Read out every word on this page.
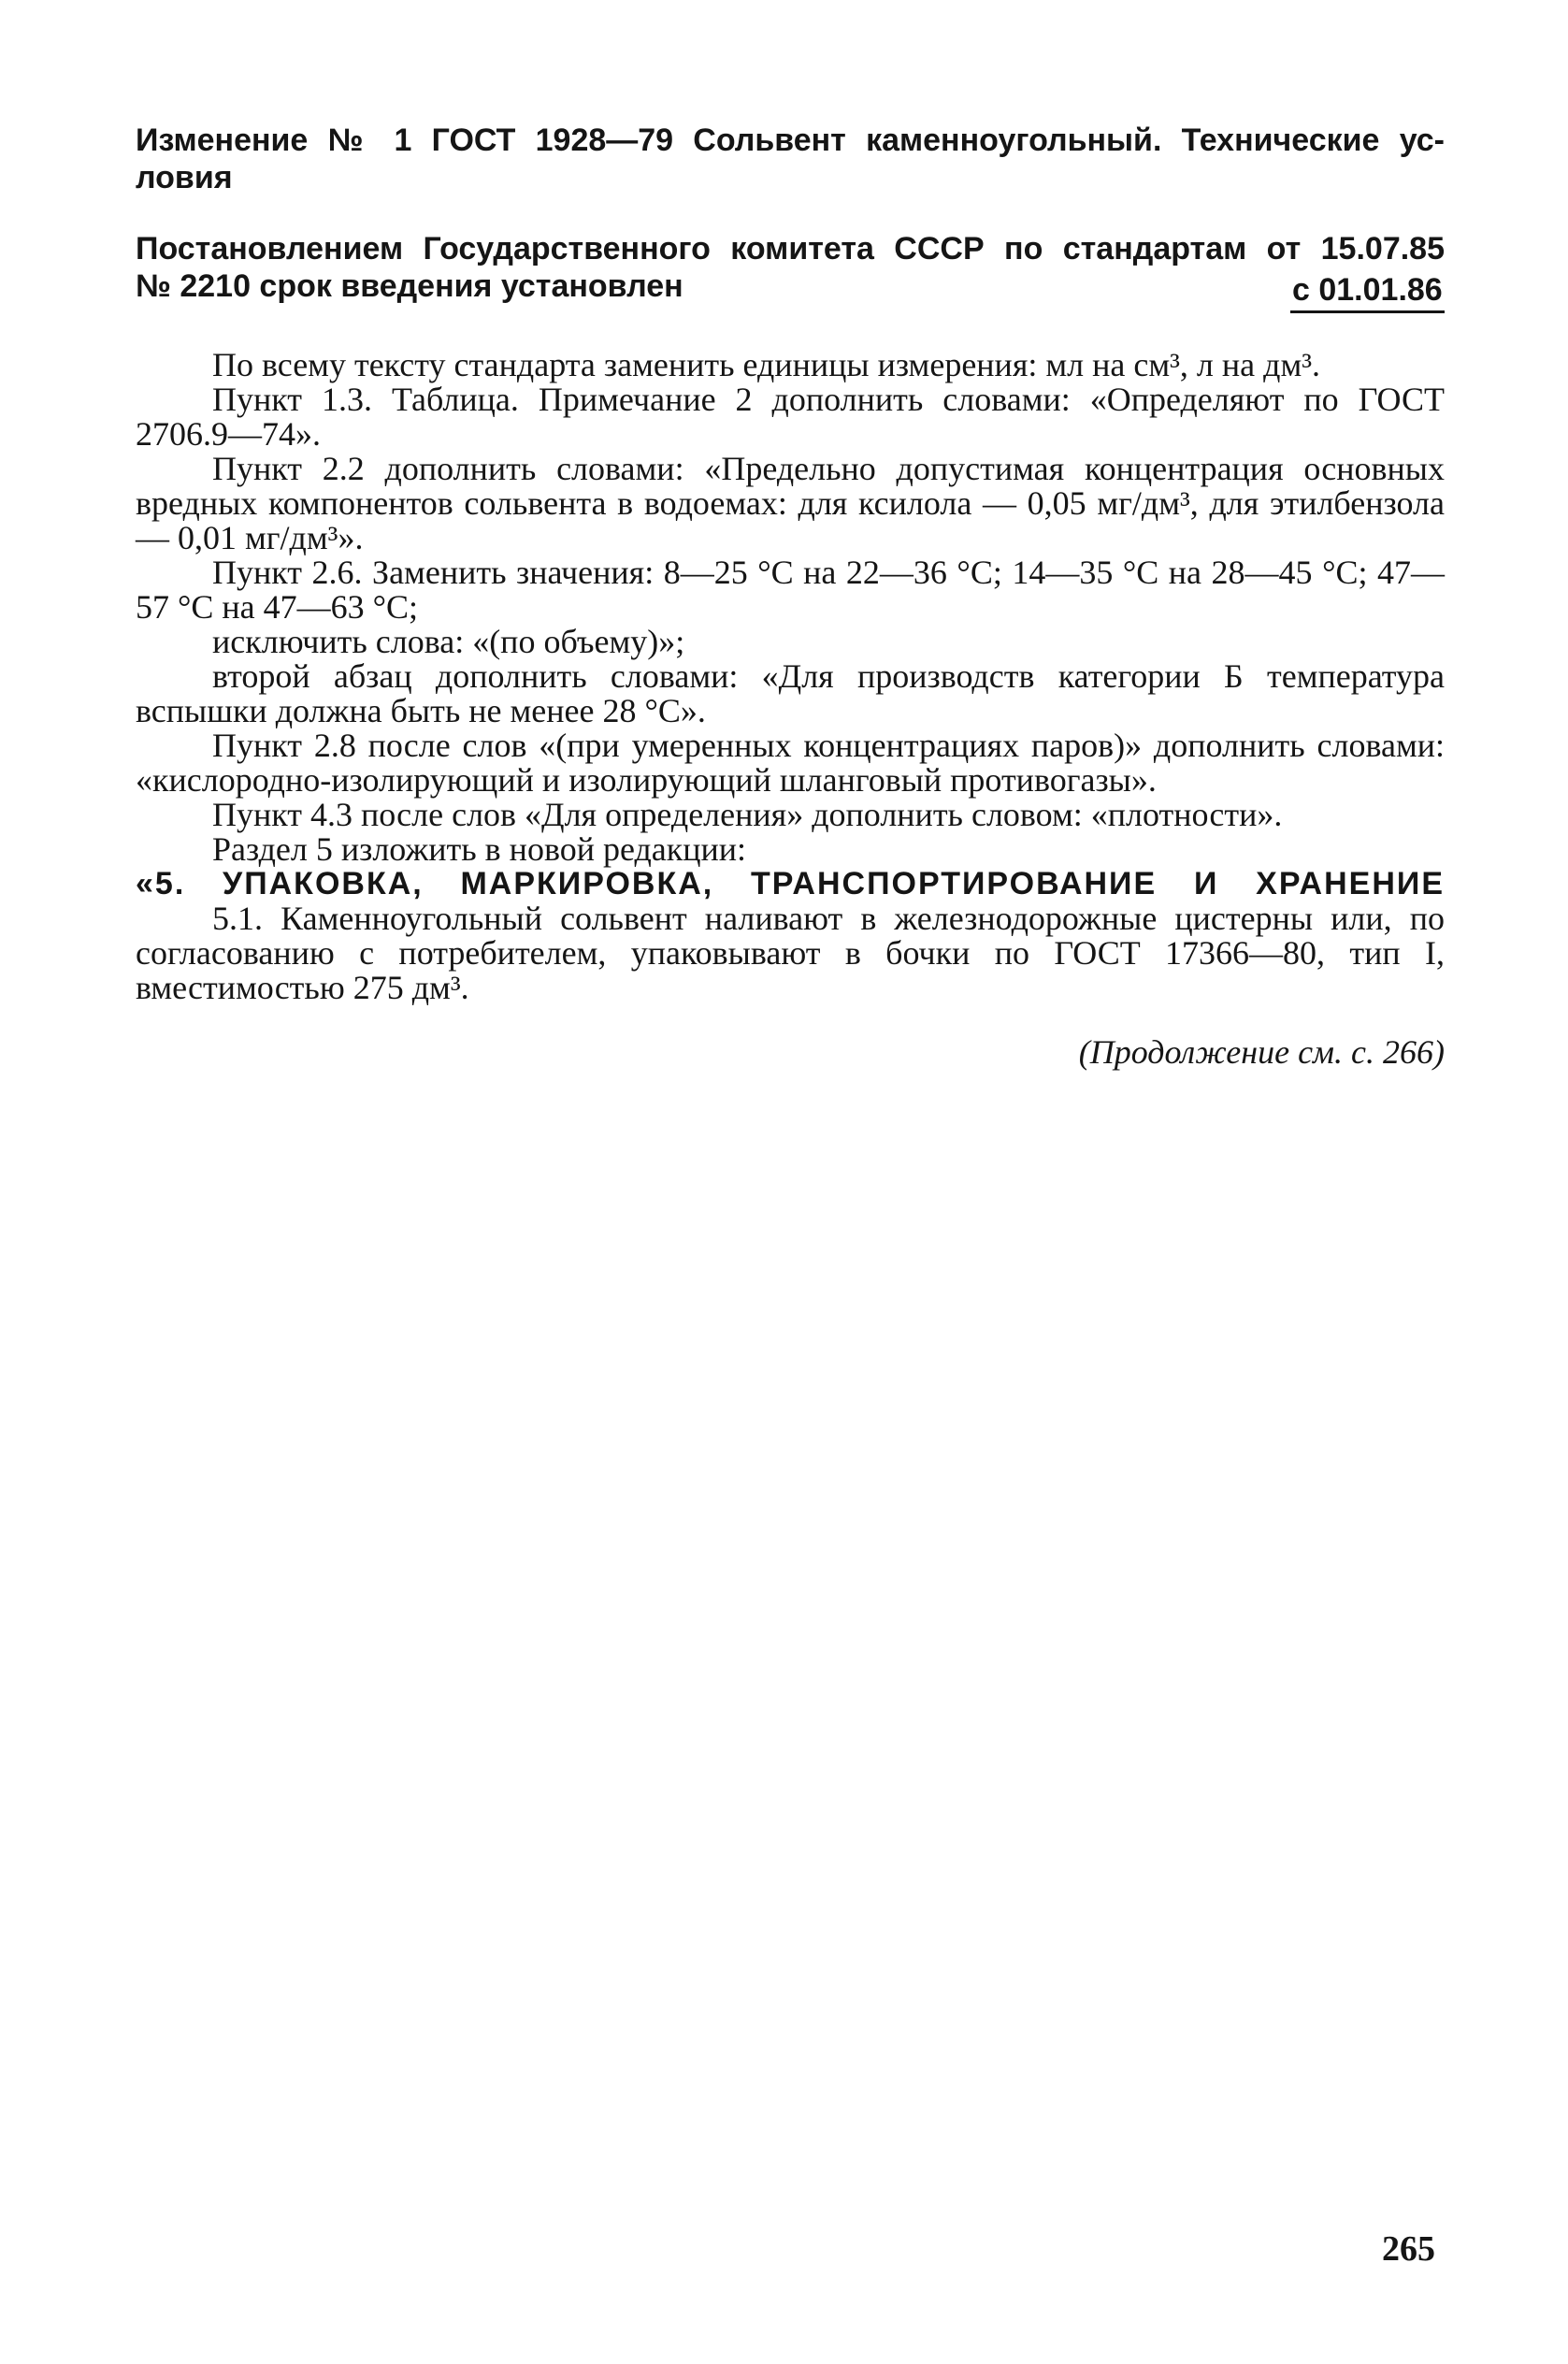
Изменение № 1 ГОСТ 1928—79 Сольвент каменноугольный. Технические ус-

ловия

Постановлением Государственного комитета СССР по стандартам от 15.07.85

№ 2210 срок введения установлен	с 01.01.86

По всему тексту стандарта заменить единицы измерения: мл на см³, л на дм³.

Пункт 1.3. Таблица. Примечание 2 дополнить словами: «Определяют по ГОСТ 2706.9—74».

Пункт 2.2 дополнить словами: «Предельно допустимая концентрация основных вредных компонентов сольвента в водоемах: для ксилола — 0,05 мг/дм³, для этилбензола — 0,01 мг/дм³».

Пункт 2.6. Заменить значения: 8—25 °С на 22—36 °С; 14—35 °С на 28—45 °С; 47—57 °С на 47—63 °С;

исключить слова: «(по объему)»;

второй абзац дополнить словами: «Для производств категории Б температура вспышки должна быть не менее 28 °С».

Пункт 2.8 после слов «(при умеренных концентрациях паров)» дополнить словами: «кислородно-изолирующий и изолирующий шланговый противогазы».

Пункт 4.3 после слов «Для определения» дополнить словом: «плотности».

Раздел 5 изложить в новой редакции:

«5. УПАКОВКА, МАРКИРОВКА, ТРАНСПОРТИРОВАНИЕ И ХРАНЕНИЕ

5.1. Каменноугольный сольвент наливают в железнодорожные цистерны или, по согласованию с потребителем, упаковывают в бочки по ГОСТ 17366—80, тип I, вместимостью 275 дм³.

(Продолжение см. с. 266)
265
